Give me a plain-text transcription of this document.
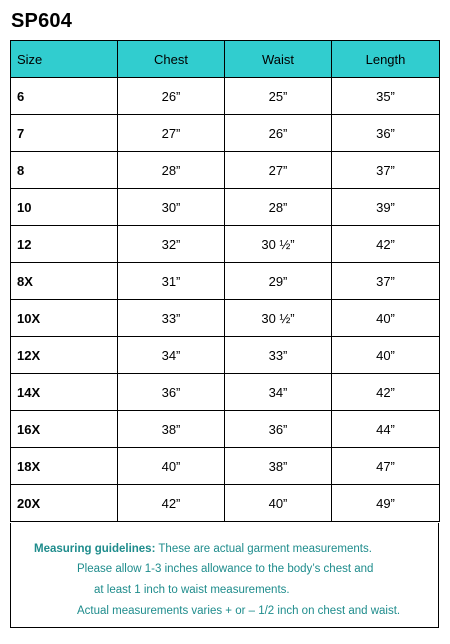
SP604
Size	Chest	Waist	Length
6	26”	25”	35”
7	27”	26”	36”
8	28”	27”	37”
10	30”	28”	39”
12	32”	30 ½”	42”
8X	31”	29”	37”
10X	33”	30 ½”	40”
12X	34”	33”	40”
14X	36”	34”	42”
16X	38”	36”	44”
18X	40”	38”	47”
20X	42”	40”	49”
Measuring guidelines: These are actual garment measurements.
Please allow 1-3 inches allowance to the body’s chest and
at least 1 inch to waist measurements.
Actual measurements varies + or – 1/2 inch on chest and waist.
